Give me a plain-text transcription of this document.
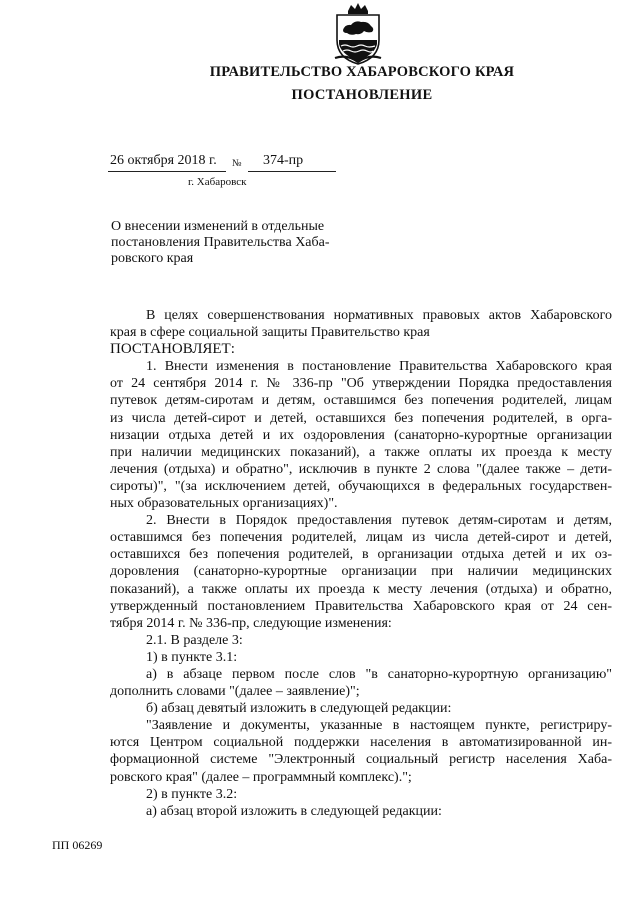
ПРАВИТЕЛЬСТВО ХАБАРОВСКОГО КРАЯ
ПОСТАНОВЛЕНИЕ
26 октября 2018 г. № 374-пр
г. Хабаровск
О внесении изменений в отдельные
постановления Правительства Хаба-
ровского края
В целях совершенствования нормативных правовых актов Хабаровского
края в сфере социальной защиты Правительство края
ПОСТАНОВЛЯЕТ:
1. Внести изменения в постановление Правительства Хабаровского края
от 24 сентября 2014 г. № 336-пр "Об утверждении Порядка предоставления
путевок детям-сиротам и детям, оставшимся без попечения родителей, лицам
из числа детей-сирот и детей, оставшихся без попечения родителей, в орга-
низации отдыха детей и их оздоровления (санаторно-курортные организации
при наличии медицинских показаний), а также оплаты их проезда к месту
лечения (отдыха) и обратно", исключив в пункте 2 слова "(далее также – дети-
сироты)", "(за исключением детей, обучающихся в федеральных государствен-
ных образовательных организациях)".
2. Внести в Порядок предоставления путевок детям-сиротам и детям,
оставшимся без попечения родителей, лицам из числа детей-сирот и детей,
оставшихся без попечения родителей, в организации отдыха детей и их оз-
доровления (санаторно-курортные организации при наличии медицинских
показаний), а также оплаты их проезда к месту лечения (отдыха) и обратно,
утвержденный постановлением Правительства Хабаровского края от 24 сен-
тября 2014 г. № 336-пр, следующие изменения:
2.1. В разделе 3:
1) в пункте 3.1:
а) в абзаце первом после слов "в санаторно-курортную организацию"
дополнить словами "(далее – заявление)";
б) абзац девятый изложить в следующей редакции:
"Заявление и документы, указанные в настоящем пункте, регистриру-
ются Центром социальной поддержки населения в автоматизированной ин-
формационной системе "Электронный социальный регистр населения Хаба-
ровского края" (далее – программный комплекс).";
2) в пункте 3.2:
а) абзац второй изложить в следующей редакции:
ПП 06269
